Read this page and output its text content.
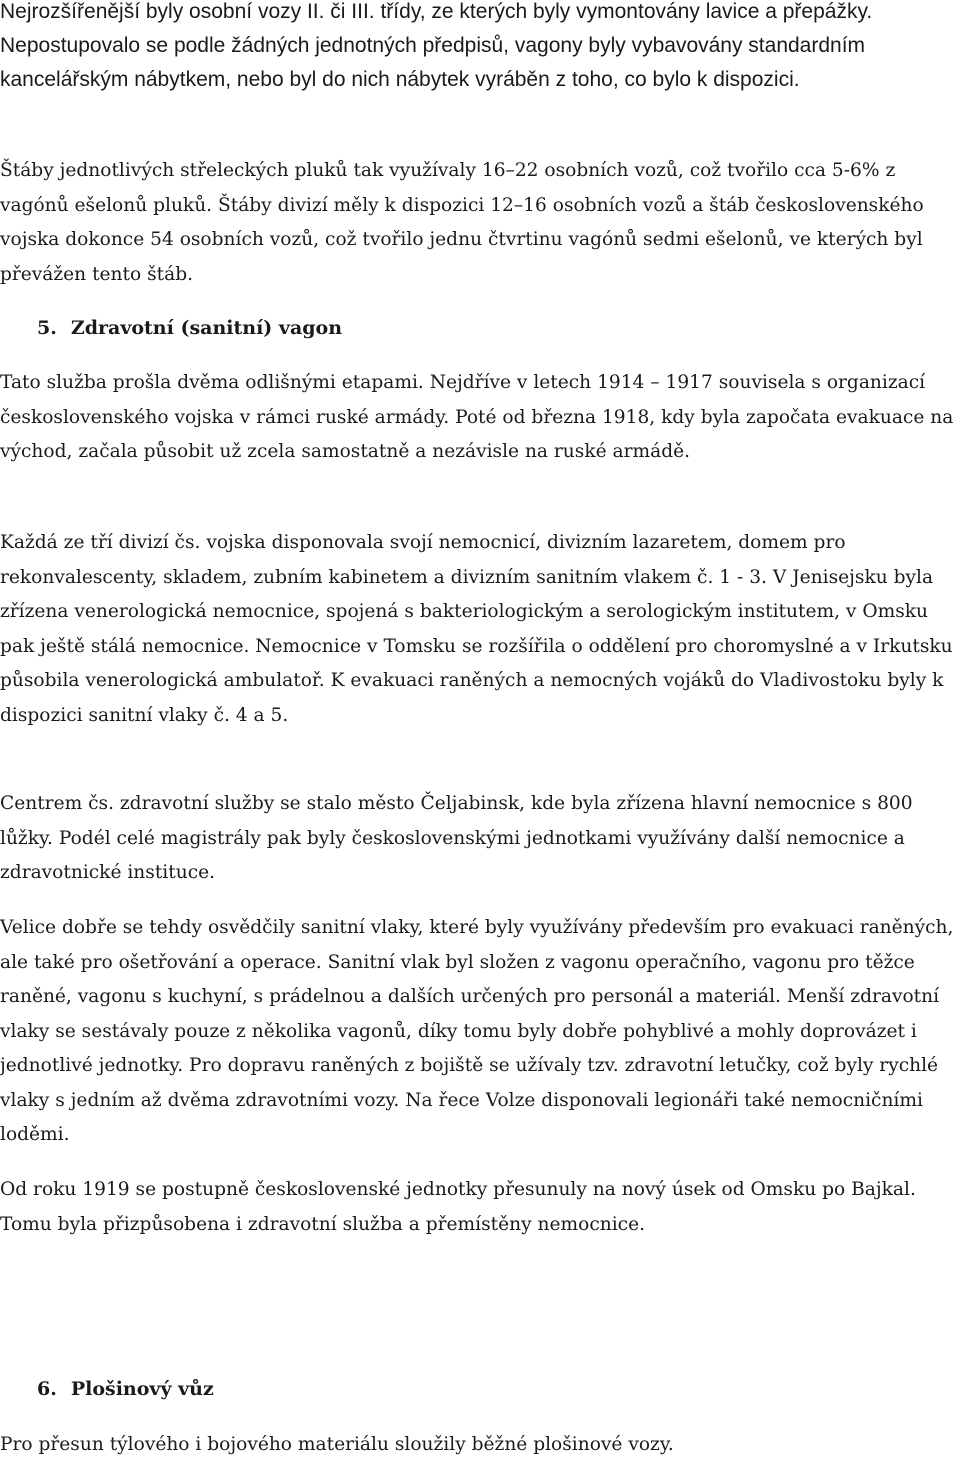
Nejrozšířenější byly osobní vozy II. či III. třídy, ze kterých byly vymontovány lavice a přepážky. Nepostupovalo se podle žádných jednotných předpisů, vagony byly vybavovány standardním kancelářským nábytkem, nebo byl do nich nábytek vyráběn z toho, co bylo k dispozici.

Štáby jednotlivých střeleckých pluků tak využívaly 16–22 osobních vozů, což tvořilo cca 5-6% z vagónů ešelonů pluků. Štáby divizí měly k dispozici 12–16 osobních vozů a štáb československého vojska dokonce 54 osobních vozů, což tvořilo jednu čtvrtinu vagónů sedmi ešelonů, ve kterých byl převážen tento štáb.

5. Zdravotní (sanitní) vagon

Tato služba prošla dvěma odlišnými etapami. Nejdříve v letech 1914 – 1917 souvisela s organizací československého vojska v rámci ruské armády. Poté od března 1918, kdy byla započata evakuace na východ, začala působit už zcela samostatně a nezávisle na ruské armádě.

Každá ze tří divizí čs. vojska disponovala svojí nemocnicí, divizním lazaretem, domem pro rekonvalescenty, skladem, zubním kabinetem a divizním sanitním vlakem č. 1 - 3. V Jenisejsku byla zřízena venerologická nemocnice, spojená s bakteriologickým a serologickým institutem, v Omsku pak ještě stálá nemocnice. Nemocnice v Tomsku se rozšířila o oddělení pro choromyslné a v Irkutsku působila venerologická ambulatoř. K evakuaci raněných a nemocných vojáků do Vladivostoku byly k dispozici sanitní vlaky č. 4 a 5.

Centrem čs. zdravotní služby se stalo město Čeljabinsk, kde byla zřízena hlavní nemocnice s 800 lůžky. Podél celé magistrály pak byly československými jednotkami využívány další nemocnice a zdravotnické instituce.

Velice dobře se tehdy osvědčily sanitní vlaky, které byly využívány především pro evakuaci raněných, ale také pro ošetřování a operace. Sanitní vlak byl složen z vagonu operačního, vagonu pro těžce raněné, vagonu s kuchyní, s prádelnou a dalších určených pro personál a materiál. Menší zdravotní vlaky se sestávaly pouze z několika vagonů, díky tomu byly dobře pohyblivé a mohly doprovázet i jednotlivé jednotky. Pro dopravu raněných z bojiště se užívaly tzv. zdravotní letučky, což byly rychlé vlaky s jedním až dvěma zdravotními vozy. Na řece Volze disponovali legionáři také nemocničními loděmi.

Od roku 1919 se postupně československé jednotky přesunuly na nový úsek od Omsku po Bajkal. Tomu byla přizpůsobena i zdravotní služba a přemístěny nemocnice.

6. Plošinový vůz

Pro přesun týlového i bojového materiálu sloužily běžné plošinové vozy.
